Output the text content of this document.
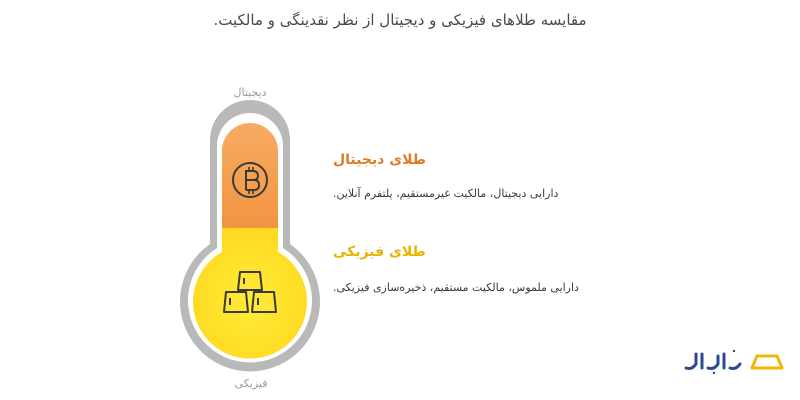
مقایسه طلاهای فیزیکی و دیجیتال از نظر نقدینگی و مالکیت.
دیجیتال
فیزیکی
طلای دیجیتال
دارایی دیجیتال، مالکیت غیرمستقیم، پلتفرم آنلاین.
طلای فیزیکی
دارایی ملموس، مالکیت مستقیم، ذخیره‌سازی فیزیکی.
